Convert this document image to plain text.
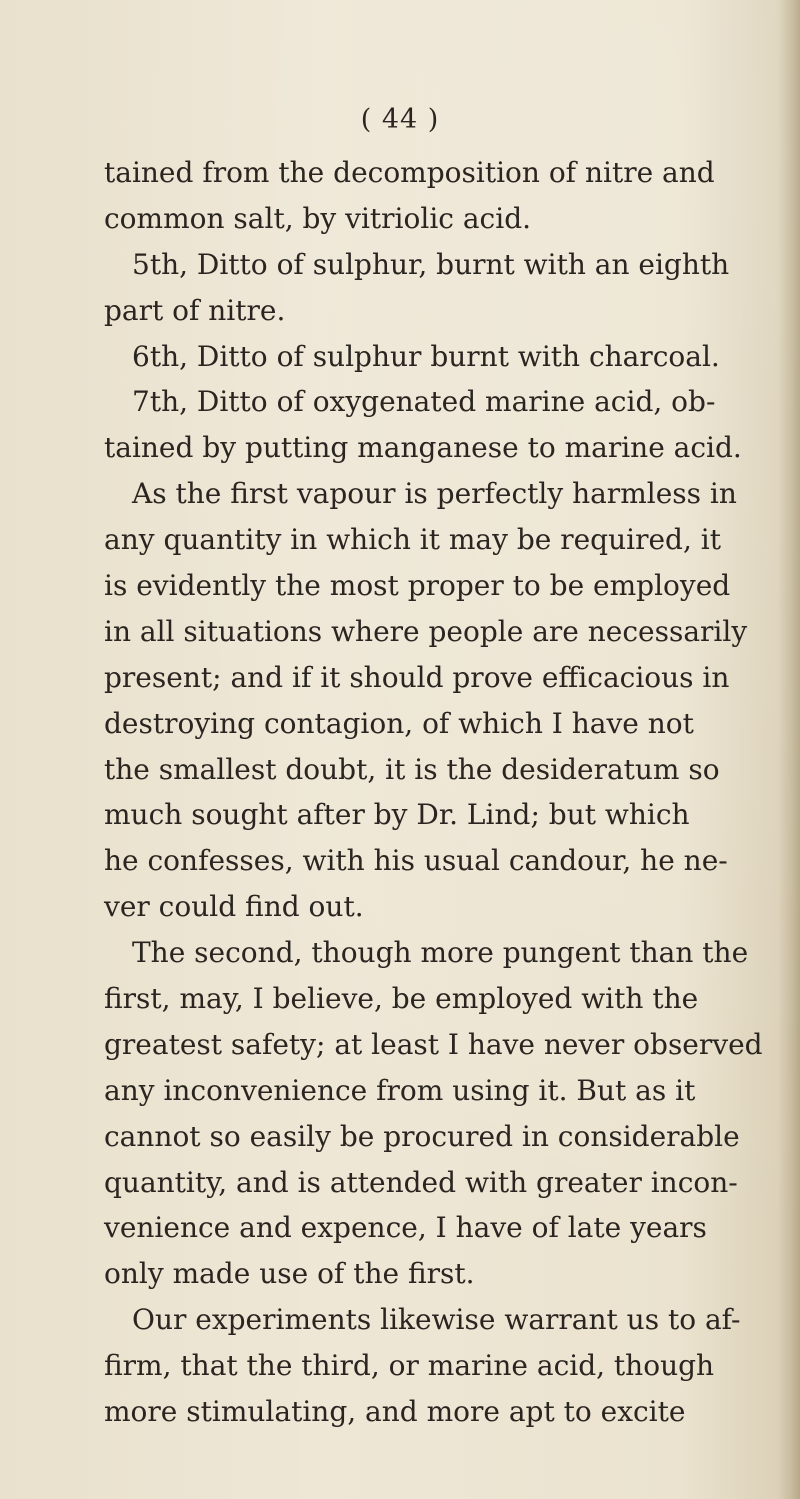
( 44 )
tained from the decomposition of nitre and
common salt, by vitriolic acid.
5th, Ditto of sulphur, burnt with an eighth
part of nitre.
6th, Ditto of sulphur burnt with charcoal.
7th, Ditto of oxygenated marine acid, ob-
tained by putting manganese to marine acid.
As the first vapour is perfectly harmless in
any quantity in which it may be required, it
is evidently the most proper to be employed
in all situations where people are necessarily
present; and if it should prove efficacious in
destroying contagion, of which I have not
the smallest doubt, it is the desideratum so
much sought after by Dr. Lind; but which
he confesses, with his usual candour, he ne-
ver could find out.
The second, though more pungent than the
first, may, I believe, be employed with the
greatest safety; at least I have never observed
any inconvenience from using it. But as it
cannot so easily be procured in considerable
quantity, and is attended with greater incon-
venience and expence, I have of late years
only made use of the first.
Our experiments likewise warrant us to af-
firm, that the third, or marine acid, though
more stimulating, and more apt to excite
